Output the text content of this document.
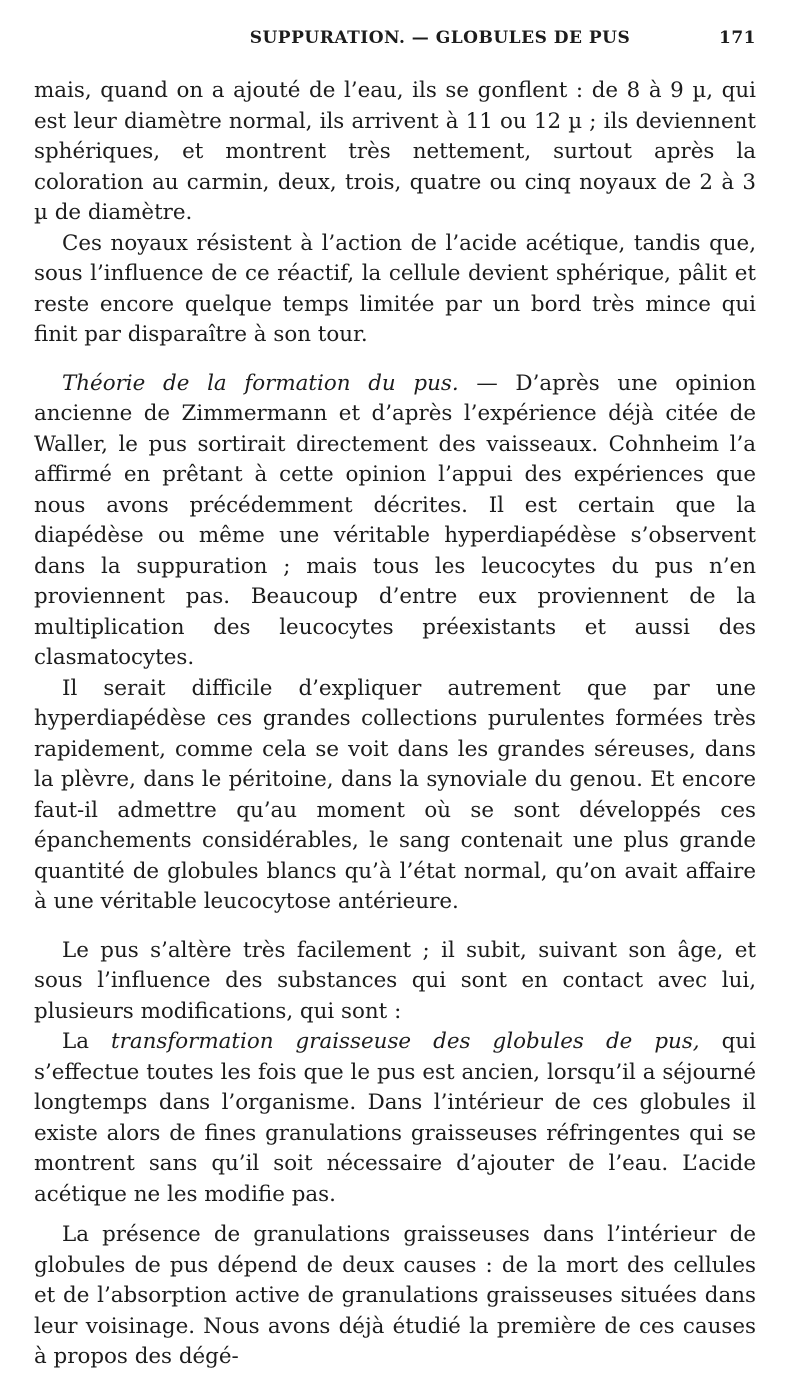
SUPPURATION. — GLOBULES DE PUS	171

mais, quand on a ajouté de l’eau, ils se gonflent : de 8 à 9 µ, qui est leur diamètre normal, ils arrivent à 11 ou 12 µ ; ils deviennent sphériques, et montrent très nettement, surtout après la coloration au carmin, deux, trois, quatre ou cinq noyaux de 2 à 3 µ de diamètre.

Ces noyaux résistent à l’action de l’acide acétique, tandis que, sous l’influence de ce réactif, la cellule devient sphérique, pâlit et reste encore quelque temps limitée par un bord très mince qui finit par disparaître à son tour.

Théorie de la formation du pus. — D’après une opinion ancienne de Zimmermann et d’après l’expérience déjà citée de Waller, le pus sortirait directement des vaisseaux. Cohnheim l’a affirmé en prêtant à cette opinion l’appui des expériences que nous avons précédemment décrites. Il est certain que la diapédèse ou même une véritable hyperdiapédèse s’observent dans la suppuration ; mais tous les leucocytes du pus n’en proviennent pas. Beaucoup d’entre eux proviennent de la multiplication des leucocytes préexistants et aussi des clasmatocytes.

Il serait difficile d’expliquer autrement que par une hyperdiapédèse ces grandes collections purulentes formées très rapidement, comme cela se voit dans les grandes séreuses, dans la plèvre, dans le péritoine, dans la synoviale du genou. Et encore faut-il admettre qu’au moment où se sont développés ces épanchements considérables, le sang contenait une plus grande quantité de globules blancs qu’à l’état normal, qu’on avait affaire à une véritable leucocytose antérieure.

Le pus s’altère très facilement ; il subit, suivant son âge, et sous l’influence des substances qui sont en contact avec lui, plusieurs modifications, qui sont :

La transformation graisseuse des globules de pus, qui s’effectue toutes les fois que le pus est ancien, lorsqu’il a séjourné longtemps dans l’organisme. Dans l’intérieur de ces globules il existe alors de fines granulations graisseuses réfringentes qui se montrent sans qu’il soit nécessaire d’ajouter de l’eau. L’acide acétique ne les modifie pas.

La présence de granulations graisseuses dans l’intérieur de globules de pus dépend de deux causes : de la mort des cellules et de l’absorption active de granulations graisseuses situées dans leur voisinage. Nous avons déjà étudié la première de ces causes à propos des dégé-
